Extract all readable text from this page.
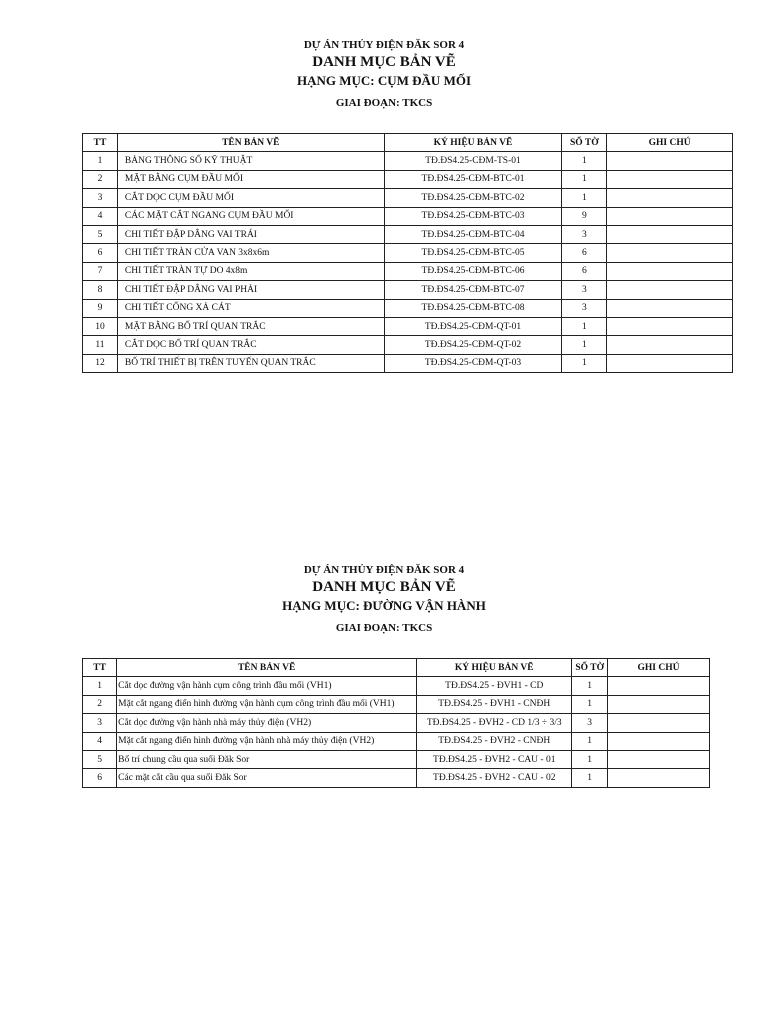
DỰ ÁN THỦY ĐIỆN ĐĂK SOR 4
DANH MỤC BẢN VẼ
HẠNG MỤC: CỤM ĐẦU MỐI
GIAI ĐOẠN: TKCS
TT	TÊN BẢN VẼ	KÝ HIỆU BẢN VẼ	SỐ TỜ	GHI CHÚ
1	BẢNG THÔNG SỐ KỸ THUẬT	TĐ.ĐS4.25-CĐM-TS-01	1	
2	MẶT BẰNG CỤM ĐẦU MỐI	TĐ.ĐS4.25-CĐM-BTC-01	1	
3	CẮT DỌC CỤM ĐẦU MỐI	TĐ.ĐS4.25-CĐM-BTC-02	1	
4	CÁC MẶT CẮT NGANG CỤM ĐẦU MỐI	TĐ.ĐS4.25-CĐM-BTC-03	9	
5	CHI TIẾT ĐẬP DÂNG VAI TRÁI	TĐ.ĐS4.25-CĐM-BTC-04	3	
6	CHI TIẾT TRÀN CỬA VAN 3x8x6m	TĐ.ĐS4.25-CĐM-BTC-05	6	
7	CHI TIẾT TRÀN TỰ DO 4x8m	TĐ.ĐS4.25-CĐM-BTC-06	6	
8	CHI TIẾT ĐẬP DÂNG VAI PHẢI	TĐ.ĐS4.25-CĐM-BTC-07	3	
9	CHI TIẾT CỐNG XẢ CÁT	TĐ.ĐS4.25-CĐM-BTC-08	3	
10	MẶT BẰNG BỐ TRÍ QUAN TRẮC	TĐ.ĐS4.25-CĐM-QT-01	1	
11	CẮT DỌC BỐ TRÍ QUAN TRẮC	TĐ.ĐS4.25-CĐM-QT-02	1	
12	BỐ TRÍ THIẾT BỊ TRÊN TUYẾN QUAN TRẮC	TĐ.ĐS4.25-CĐM-QT-03	1	
DỰ ÁN THỦY ĐIỆN ĐĂK SOR 4
DANH MỤC BẢN VẼ
HẠNG MỤC: ĐƯỜNG VẬN HÀNH
GIAI ĐOẠN: TKCS
TT	TÊN BẢN VẼ	KÝ HIỆU BẢN VẼ	SỐ TỜ	GHI CHÚ
1	Cắt dọc đường vận hành cụm công trình đầu mối (VH1)	TĐ.ĐS4.25 - ĐVH1 - CD	1	
2	Mặt cắt ngang điển hình đường vận hành cụm công trình đầu mối (VH1)	TĐ.ĐS4.25 - ĐVH1 - CNĐH	1	
3	Cắt dọc đường vận hành nhà máy thủy điện (VH2)	TĐ.ĐS4.25 - ĐVH2 - CD 1/3 ÷ 3/3	3	
4	Mặt cắt ngang điển hình đường vận hành nhà máy thủy điện (VH2)	TĐ.ĐS4.25 - ĐVH2 - CNĐH	1	
5	Bố trí chung cầu qua suối Đăk Sor	TĐ.ĐS4.25 - ĐVH2 - CAU - 01	1	
6	Các mặt cắt cầu qua suối Đăk Sor	TĐ.ĐS4.25 - ĐVH2 - CAU - 02	1	
